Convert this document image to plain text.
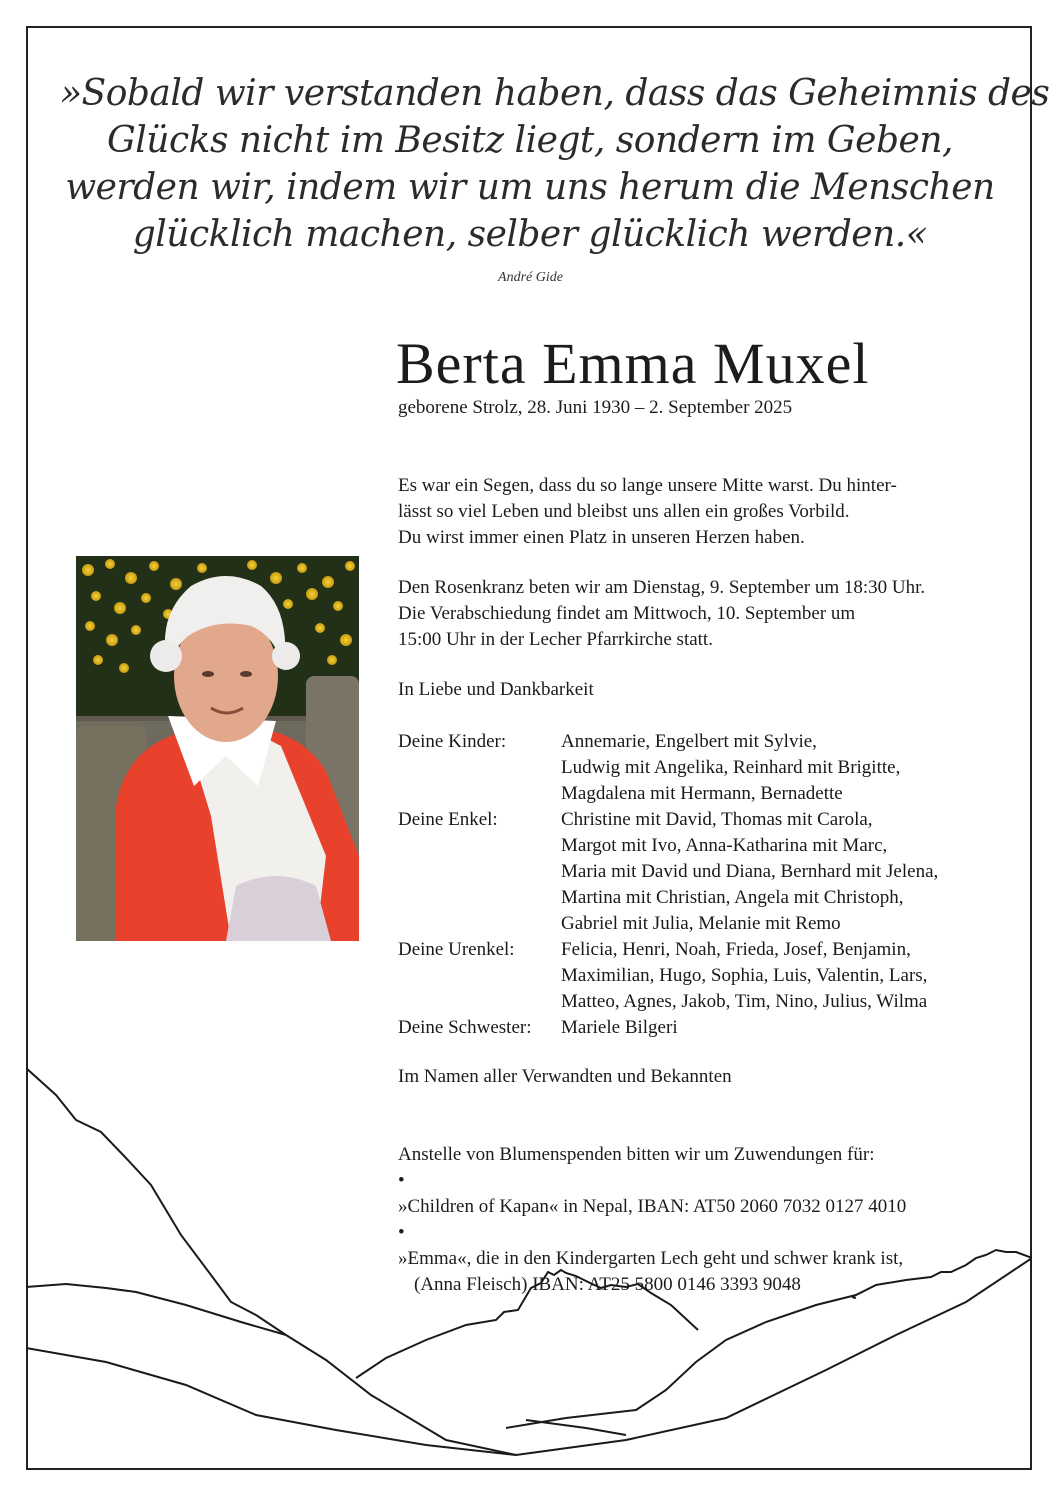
»Sobald wir verstanden haben, dass das Geheimnis des
Glücks nicht im Besitz liegt, sondern im Geben,
werden wir, indem wir um uns herum die Menschen
glücklich machen, selber glücklich werden.«
André Gide
Berta Emma Muxel
geborene Strolz, 28. Juni 1930 – 2. September 2025
Es war ein Segen, dass du so lange unsere Mitte warst. Du hinter-
lässt so viel Leben und bleibst uns allen ein großes Vorbild.
Du wirst immer einen Platz in unseren Herzen haben.
Den Rosenkranz beten wir am Dienstag, 9. September um 18:30 Uhr.
Die Verabschiedung findet am Mittwoch, 10. September um
15:00 Uhr in der Lecher Pfarrkirche statt.
In Liebe und Dankbarkeit
Deine Kinder:	Annemarie, Engelbert mit Sylvie,
Ludwig mit Angelika, Reinhard mit Brigitte,
Magdalena mit Hermann, Bernadette
Deine Enkel:	Christine mit David, Thomas mit Carola,
Margot mit Ivo, Anna-Katharina mit Marc,
Maria mit David und Diana, Bernhard mit Jelena,
Martina mit Christian, Angela mit Christoph,
Gabriel mit Julia, Melanie mit Remo
Deine Urenkel:	Felicia, Henri, Noah, Frieda, Josef, Benjamin,
Maximilian, Hugo, Sophia, Luis, Valentin, Lars,
Matteo, Agnes, Jakob, Tim, Nino, Julius, Wilma
Deine Schwester:	Mariele Bilgeri
Im Namen aller Verwandten und Bekannten
Anstelle von Blumenspenden bitten wir um Zuwendungen für:
•
»Children of Kapan« in Nepal, IBAN: AT50 2060 7032 0127 4010
•
»Emma«, die in den Kindergarten Lech geht und schwer krank ist,
(Anna Fleisch) IBAN: AT25 5800 0146 3393 9048
